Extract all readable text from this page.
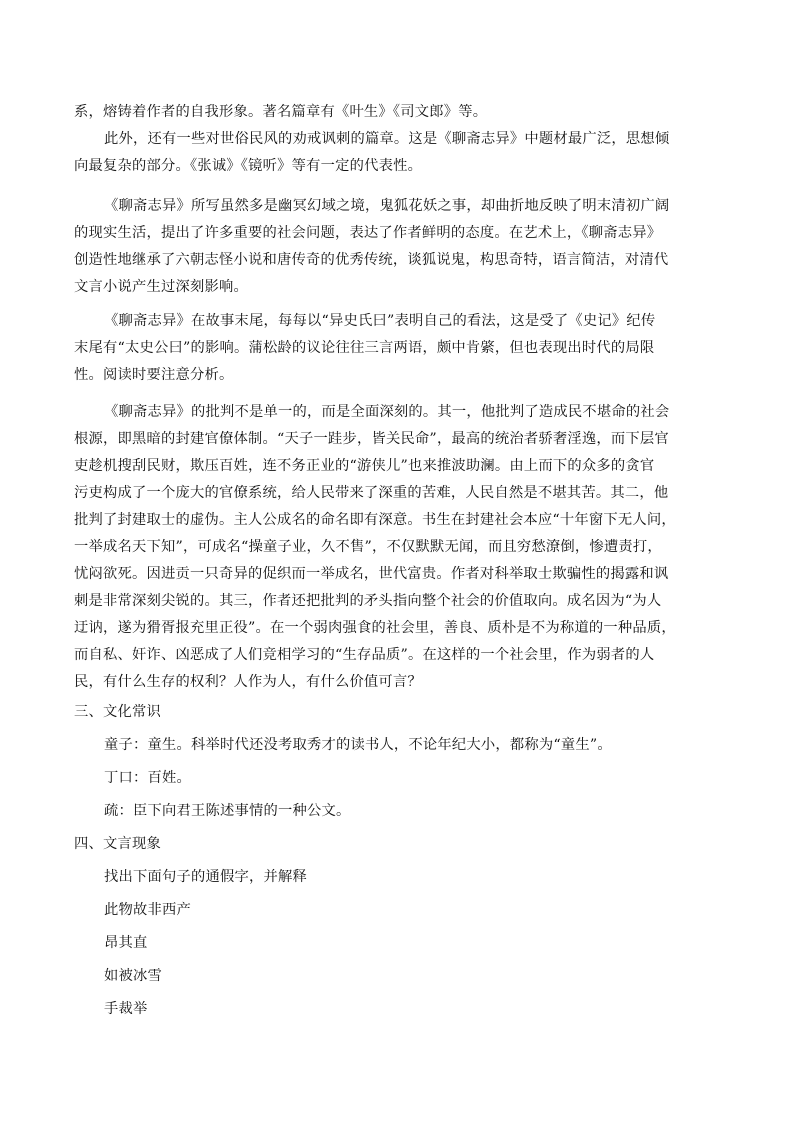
系，熔铸着作者的自我形象。著名篇章有《叶生》《司文郎》等。
此外，还有一些对世俗民风的劝戒讽刺的篇章。这是《聊斋志异》中题材最广泛，思想倾
向最复杂的部分。《张诚》《镜听》等有一定的代表性。
《聊斋志异》所写虽然多是幽冥幻域之境，鬼狐花妖之事，却曲折地反映了明末清初广阔
的现实生活，提出了许多重要的社会问题，表达了作者鲜明的态度。在艺术上，《聊斋志异》
创造性地继承了六朝志怪小说和唐传奇的优秀传统，谈狐说鬼，构思奇特，语言简洁，对清代
文言小说产生过深刻影响。
《聊斋志异》在故事末尾，每每以“异史氏曰”表明自己的看法，这是受了《史记》纪传
末尾有“太史公曰”的影响。蒲松龄的议论往往三言两语，颇中肯綮，但也表现出时代的局限
性。阅读时要注意分析。
《聊斋志异》的批判不是单一的，而是全面深刻的。其一，他批判了造成民不堪命的社会
根源，即黑暗的封建官僚体制。“天子一跬步，皆关民命”，最高的统治者骄奢淫逸，而下层官
吏趁机搜刮民财，欺压百姓，连不务正业的“游侠儿”也来推波助澜。由上而下的众多的贪官
污吏构成了一个庞大的官僚系统，给人民带来了深重的苦难，人民自然是不堪其苦。其二，他
批判了封建取士的虚伪。主人公成名的命名即有深意。书生在封建社会本应“十年窗下无人问，
一举成名天下知”，可成名“操童子业，久不售”，不仅默默无闻，而且穷愁潦倒，惨遭责打，
忧闷欲死。因进贡一只奇异的促织而一举成名，世代富贵。作者对科举取士欺骗性的揭露和讽
刺是非常深刻尖锐的。其三，作者还把批判的矛头指向整个社会的价值取向。成名因为“为人
迂讷，遂为猾胥报充里正役”。在一个弱肉强食的社会里，善良、质朴是不为称道的一种品质，
而自私、奸诈、凶恶成了人们竞相学习的“生存品质”。在这样的一个社会里，作为弱者的人
民，有什么生存的权利？人作为人，有什么价值可言？
三、文化常识
童子：童生。科举时代还没考取秀才的读书人，不论年纪大小，都称为“童生”。
丁口：百姓。
疏：臣下向君王陈述事情的一种公文。
四、文言现象
找出下面句子的通假字，并解释
此物故非西产
昂其直
如被冰雪
手裁举
